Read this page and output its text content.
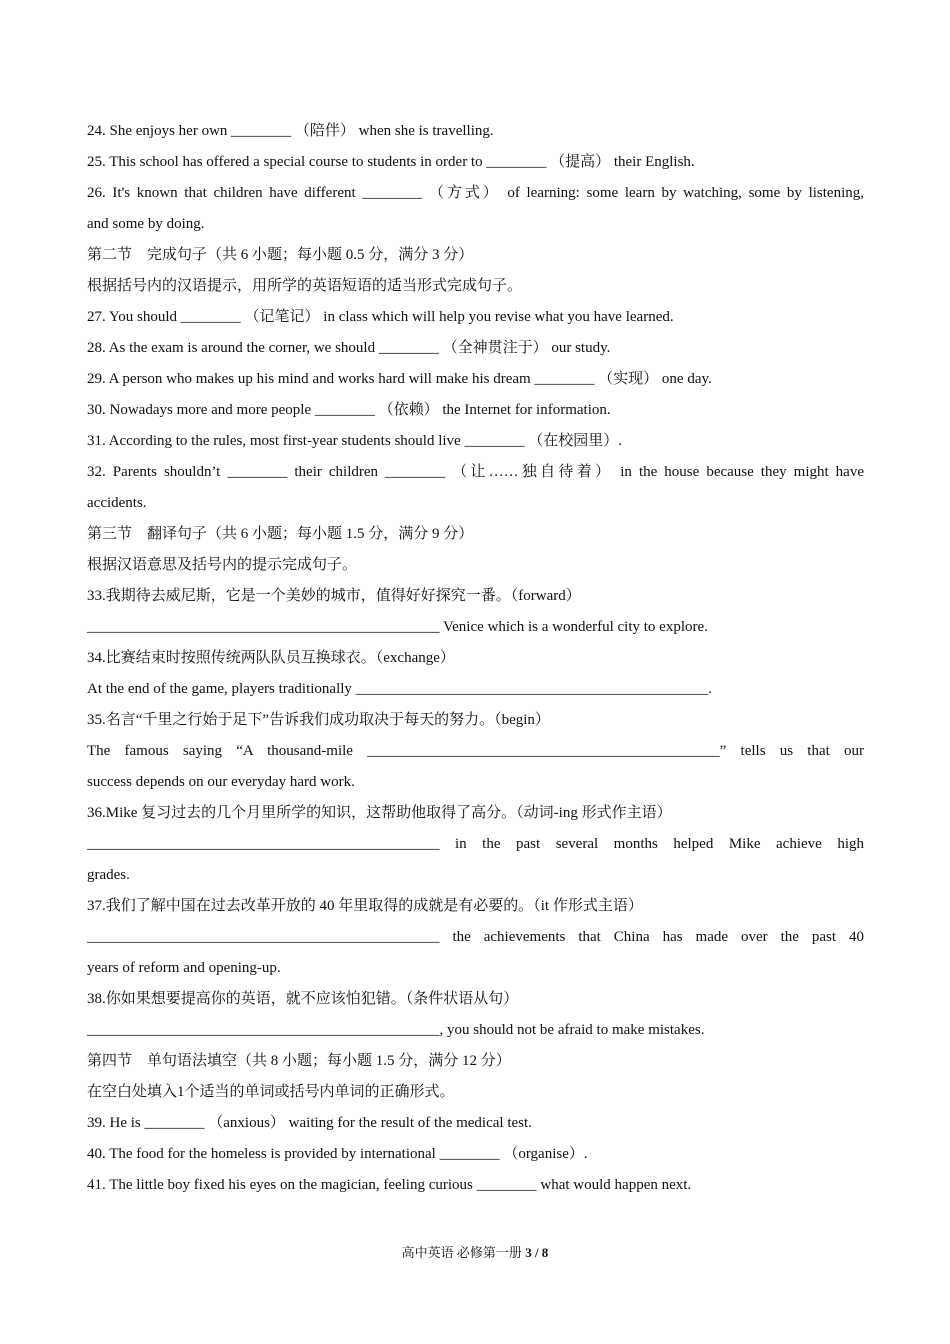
24. She enjoys her own ________ （陪伴） when she is travelling.
25. This school has offered a special course to students in order to ________ （提高） their English.
26. It's known that children have different ________ （方式） of learning: some learn by watching, some by listening,
and some by doing.
第二节　完成句子（共 6 小题；每小题 0.5 分，满分 3 分）
根据括号内的汉语提示，用所学的英语短语的适当形式完成句子。
27. You should ________ （记笔记） in class which will help you revise what you have learned.
28. As the exam is around the corner, we should ________ （全神贯注于） our study.
29. A person who makes up his mind and works hard will make his dream ________ （实现） one day.
30. Nowadays more and more people ________ （依赖） the Internet for information.
31. According to the rules, most first-year students should live ________ （在校园里）.
32. Parents shouldn’t ________ their children ________ （让……独自待着） in the house because they might have
accidents.
第三节　翻译句子（共 6 小题；每小题 1.5 分，满分 9 分）
根据汉语意思及括号内的提示完成句子。
33.我期待去威尼斯，它是一个美妙的城市，值得好好探究一番。（forward）
_______________________________________________ Venice which is a wonderful city to explore.
34.比赛结束时按照传统两队队员互换球衣。（exchange）
At the end of the game, players traditionally _______________________________________________.
35.名言“千里之行始于足下”告诉我们成功取决于每天的努力。（begin）
The famous saying “A thousand-mile _______________________________________________” tells us that our
success depends on our everyday hard work.
36.Mike 复习过去的几个月里所学的知识，这帮助他取得了高分。（动词-ing 形式作主语）
_______________________________________________ in the past several months helped Mike achieve high
grades.
37.我们了解中国在过去改革开放的 40 年里取得的成就是有必要的。（it 作形式主语）
_______________________________________________ the achievements that China has made over the past 40
years of reform and opening-up.
38.你如果想要提高你的英语，就不应该怕犯错。（条件状语从句）
_______________________________________________, you should not be afraid to make mistakes.
第四节　单句语法填空（共 8 小题；每小题 1.5 分，满分 12 分）
在空白处填入1个适当的单词或括号内单词的正确形式。
39. He is ________ （anxious） waiting for the result of the medical test.
40. The food for the homeless is provided by international ________ （organise）.
41. The little boy fixed his eyes on the magician, feeling curious ________ what would happen next.
高中英语 必修第一册 3 / 8
